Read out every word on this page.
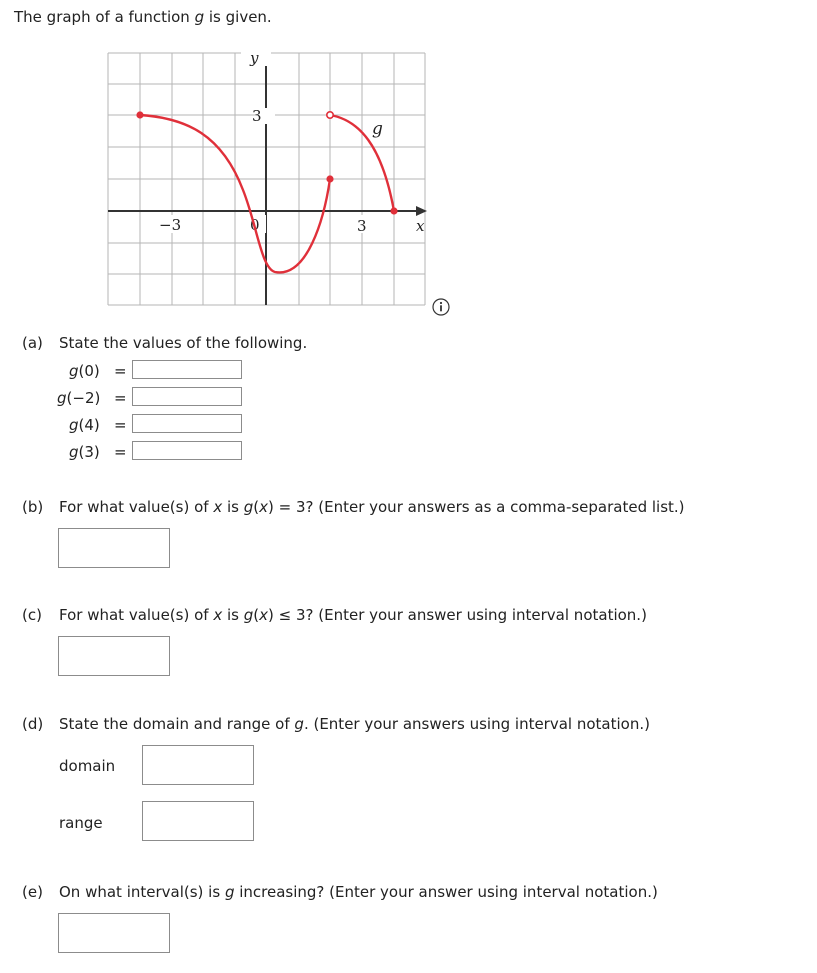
The graph of a function g is given.
y
3
−3	0	3	x
g
(a) State the values of the following.
g(0) =
g(−2) =
g(4) =
g(3) =
(b) For what value(s) of x is g(x) = 3? (Enter your answers as a comma-separated list.)
(c) For what value(s) of x is g(x) ≤ 3? (Enter your answer using interval notation.)
(d) State the domain and range of g. (Enter your answers using interval notation.)
domain
range
(e) On what interval(s) is g increasing? (Enter your answer using interval notation.)
